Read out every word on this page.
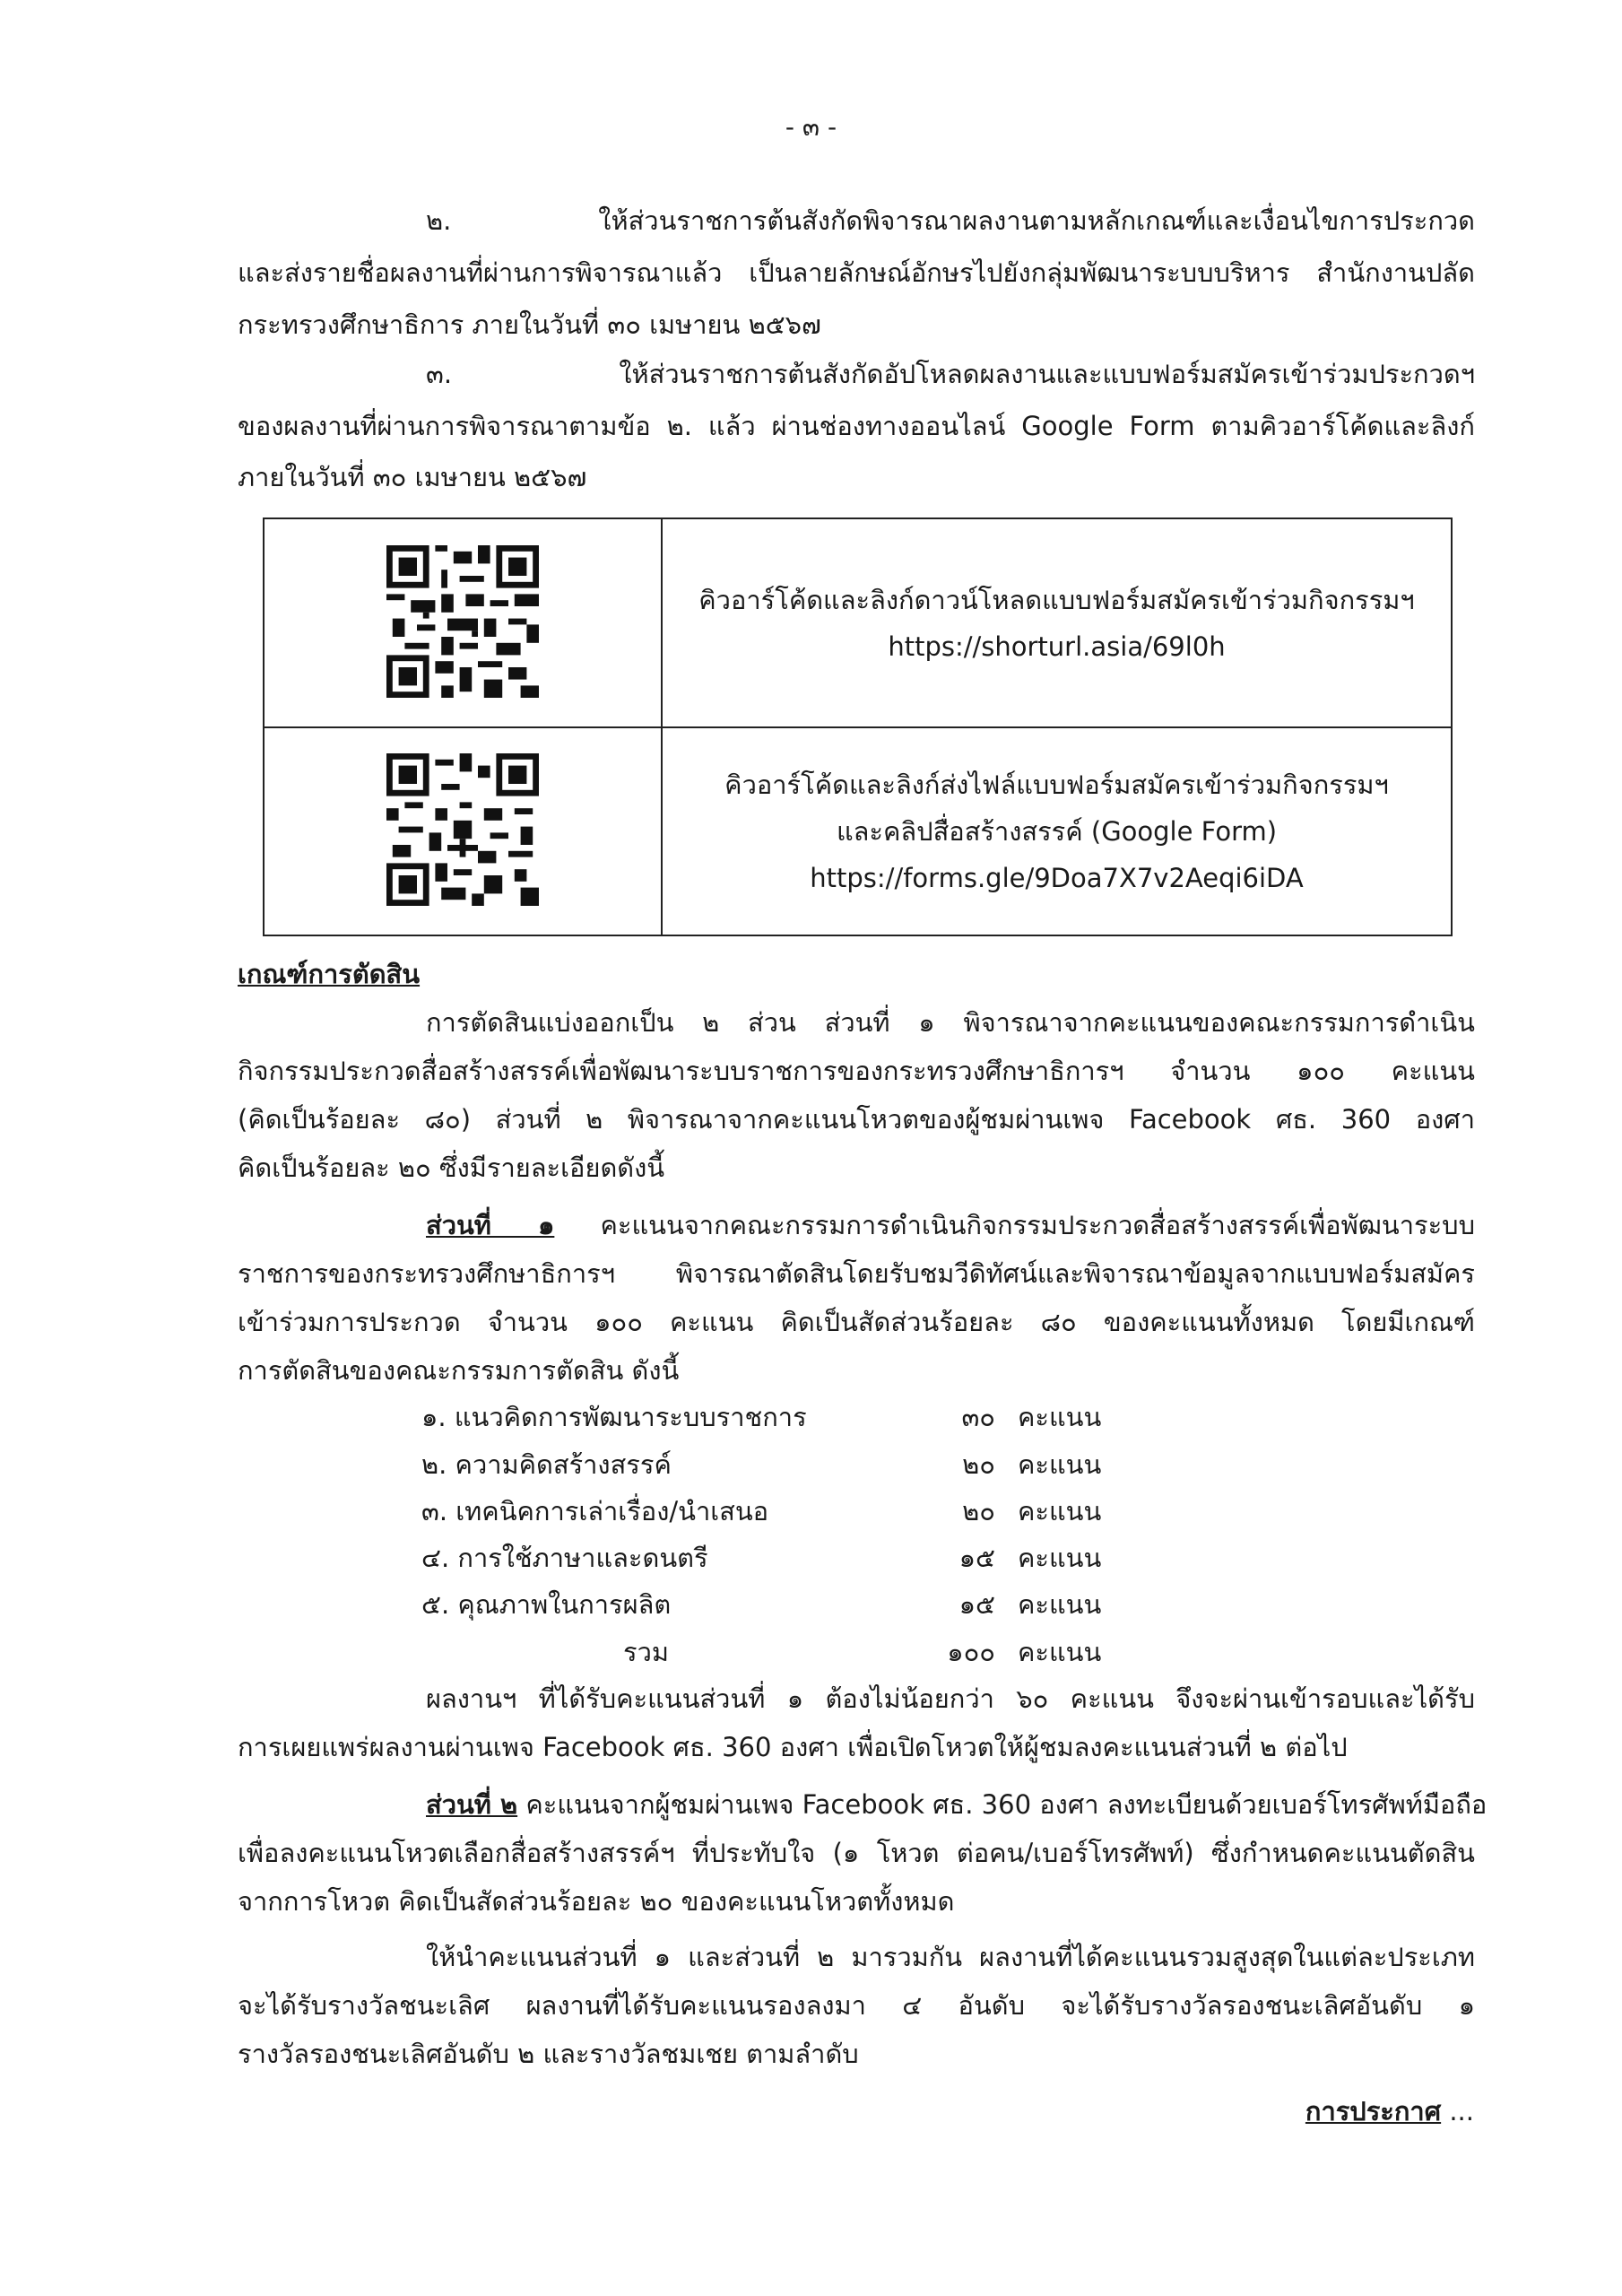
- ๓ -
๒. ให้ส่วนราชการต้นสังกัดพิจารณาผลงานตามหลักเกณฑ์และเงื่อนไขการประกวด
และส่งรายชื่อผลงานที่ผ่านการพิจารณาแล้ว เป็นลายลักษณ์อักษรไปยังกลุ่มพัฒนาระบบบริหาร สำนักงานปลัด
กระทรวงศึกษาธิการ ภายในวันที่ ๓๐ เมษายน ๒๕๖๗
๓. ให้ส่วนราชการต้นสังกัดอัปโหลดผลงานและแบบฟอร์มสมัครเข้าร่วมประกวดฯ
ของผลงานที่ผ่านการพิจารณาตามข้อ ๒. แล้ว ผ่านช่องทางออนไลน์ Google Form ตามคิวอาร์โค้ดและลิงก์
ภายในวันที่ ๓๐ เมษายน ๒๕๖๗

คิวอาร์โค้ดและลิงก์ดาวน์โหลดแบบฟอร์มสมัครเข้าร่วมกิจกรรมฯ
https://shorturl.asia/69l0h

คิวอาร์โค้ดและลิงก์ส่งไฟล์แบบฟอร์มสมัครเข้าร่วมกิจกรรมฯ
และคลิปสื่อสร้างสรรค์ (Google Form)
https://forms.gle/9Doa7X7v2Aeqi6iDA
เกณฑ์การตัดสิน
การตัดสินแบ่งออกเป็น ๒ ส่วน ส่วนที่ ๑ พิจารณาจากคะแนนของคณะกรรมการดำเนิน
กิจกรรมประกวดสื่อสร้างสรรค์เพื่อพัฒนาระบบราชการของกระทรวงศึกษาธิการฯ จำนวน ๑๐๐ คะแนน
(คิดเป็นร้อยละ ๘๐) ส่วนที่ ๒ พิจารณาจากคะแนนโหวตของผู้ชมผ่านเพจ Facebook ศธ. 360 องศา
คิดเป็นร้อยละ ๒๐ ซึ่งมีรายละเอียดดังนี้
ส่วนที่ ๑ คะแนนจากคณะกรรมการดำเนินกิจกรรมประกวดสื่อสร้างสรรค์เพื่อพัฒนาระบบ
ราชการของกระทรวงศึกษาธิการฯ พิจารณาตัดสินโดยรับชมวีดิทัศน์และพิจารณาข้อมูลจากแบบฟอร์มสมัคร
เข้าร่วมการประกวด จำนวน ๑๐๐ คะแนน คิดเป็นสัดส่วนร้อยละ ๘๐ ของคะแนนทั้งหมด โดยมีเกณฑ์
การตัดสินของคณะกรรมการตัดสิน ดังนี้
๑. แนวคิดการพัฒนาระบบราชการ	๓๐ คะแนน
๒. ความคิดสร้างสรรค์	๒๐ คะแนน
๓. เทคนิคการเล่าเรื่อง/นำเสนอ	๒๐ คะแนน
๔. การใช้ภาษาและดนตรี	๑๕ คะแนน
๕. คุณภาพในการผลิต	๑๕ คะแนน
รวม	๑๐๐ คะแนน
ผลงานฯ ที่ได้รับคะแนนส่วนที่ ๑ ต้องไม่น้อยกว่า ๖๐ คะแนน จึงจะผ่านเข้ารอบและได้รับ
การเผยแพร่ผลงานผ่านเพจ Facebook ศธ. 360 องศา เพื่อเปิดโหวตให้ผู้ชมลงคะแนนส่วนที่ ๒ ต่อไป
ส่วนที่ ๒ คะแนนจากผู้ชมผ่านเพจ Facebook ศธ. 360 องศา ลงทะเบียนด้วยเบอร์โทรศัพท์มือถือ
เพื่อลงคะแนนโหวตเลือกสื่อสร้างสรรค์ฯ ที่ประทับใจ (๑ โหวต ต่อคน/เบอร์โทรศัพท์) ซึ่งกำหนดคะแนนตัดสิน
จากการโหวต คิดเป็นสัดส่วนร้อยละ ๒๐ ของคะแนนโหวตทั้งหมด
ให้นำคะแนนส่วนที่ ๑ และส่วนที่ ๒ มารวมกัน ผลงานที่ได้คะแนนรวมสูงสุดในแต่ละประเภท
จะได้รับรางวัลชนะเลิศ ผลงานที่ได้รับคะแนนรองลงมา ๔ อันดับ จะได้รับรางวัลรองชนะเลิศอันดับ ๑
รางวัลรองชนะเลิศอันดับ ๒ และรางวัลชมเชย ตามลำดับ
การประกาศ ...
